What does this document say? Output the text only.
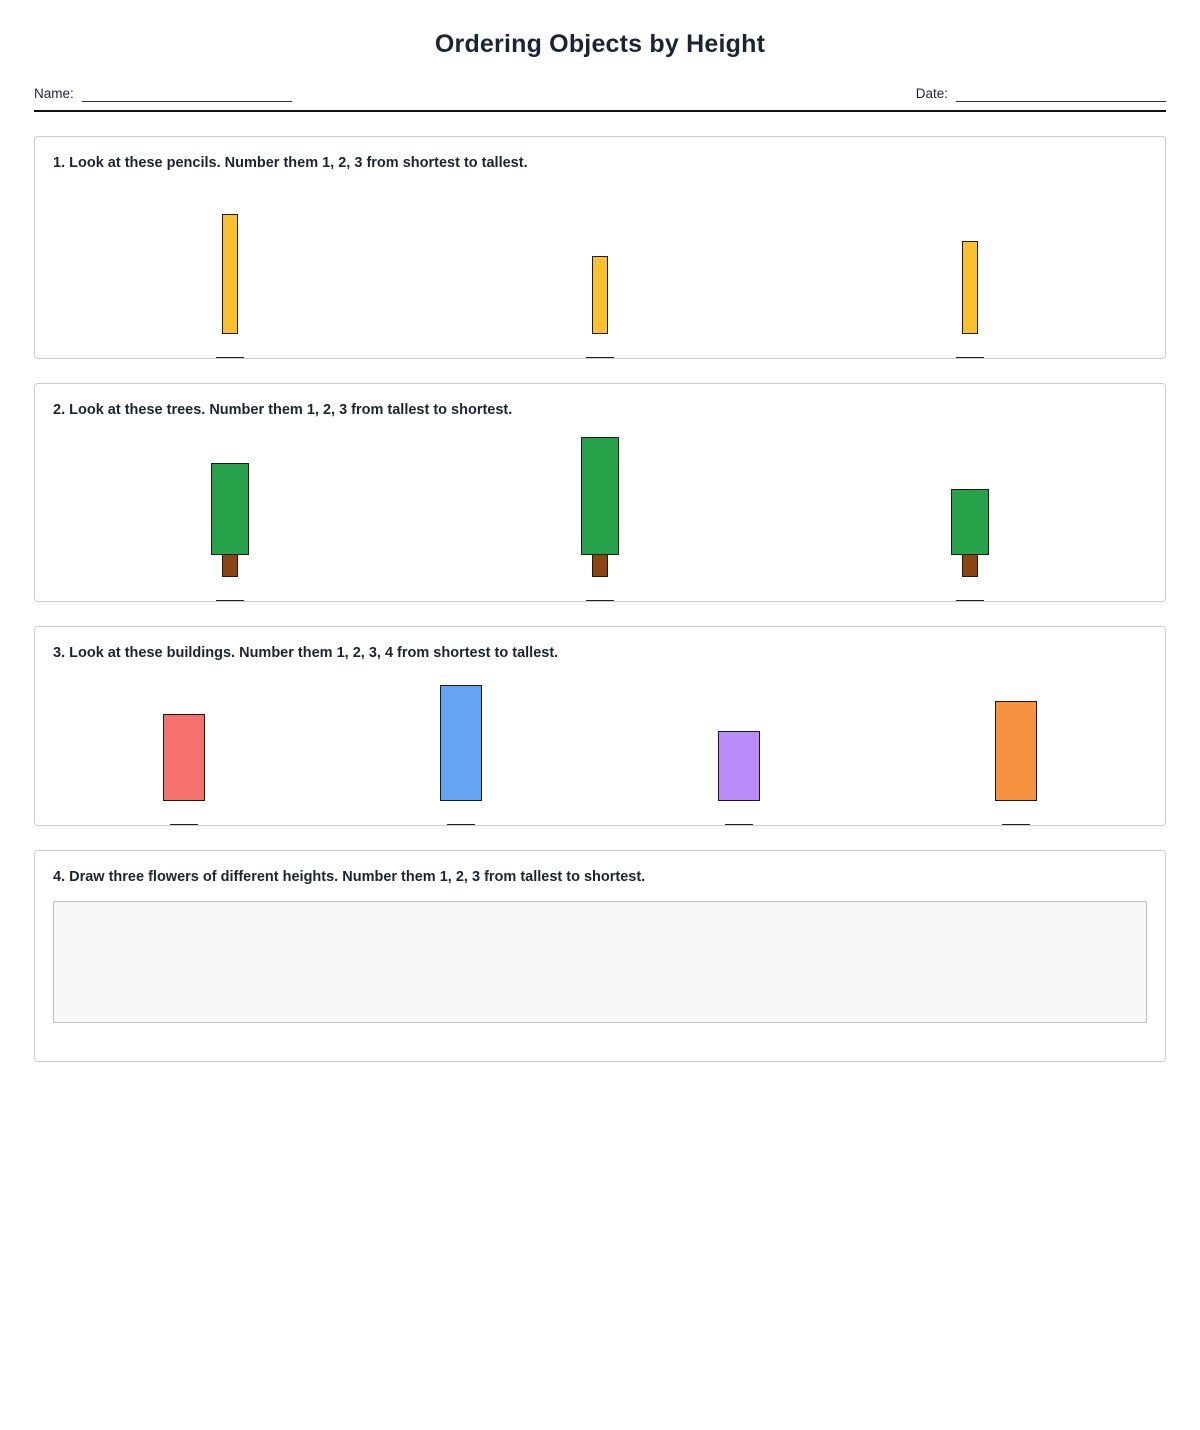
Ordering Objects by Height
Name:	Date:
1. Look at these pencils. Number them 1, 2, 3 from shortest to tallest.
2. Look at these trees. Number them 1, 2, 3 from tallest to shortest.
3. Look at these buildings. Number them 1, 2, 3, 4 from shortest to tallest.
4. Draw three flowers of different heights. Number them 1, 2, 3 from tallest to shortest.
